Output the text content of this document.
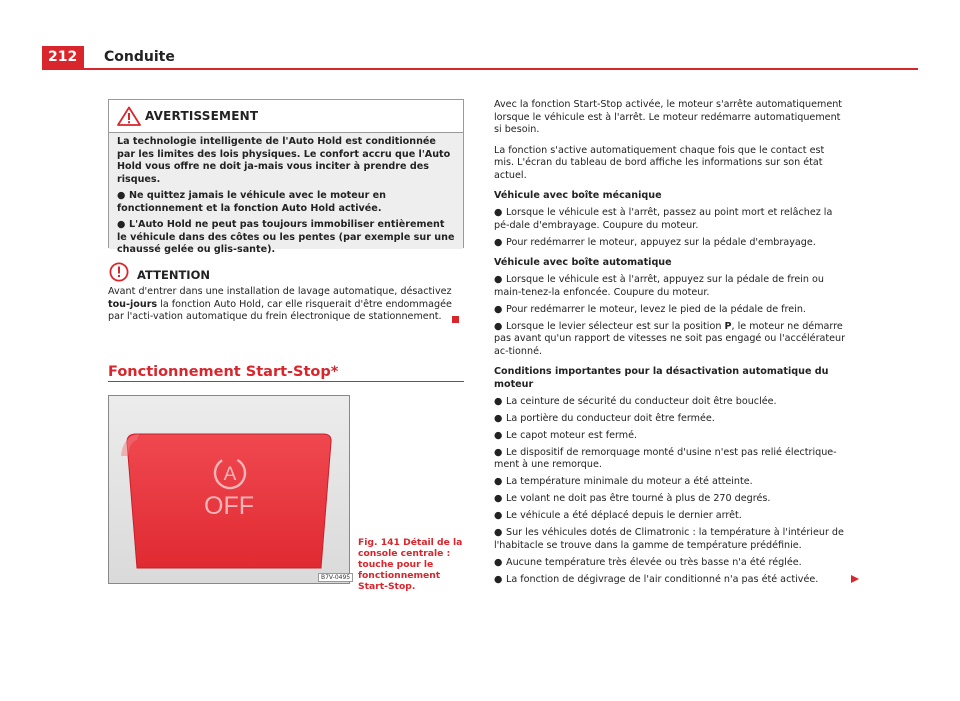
212	Conduite
AVERTISSEMENT

La technologie intelligente de l'Auto Hold est conditionnée par les limites des lois physiques. Le confort accru que l'Auto Hold vous offre ne doit ja-mais vous inciter à prendre des risques.

● Ne quittez jamais le véhicule avec le moteur en fonctionnement et la fonction Auto Hold activée.

● L'Auto Hold ne peut pas toujours immobiliser entièrement le véhicule dans des côtes ou les pentes (par exemple sur une chaussé gelée ou glis-sante).

ATTENTION

Avant d'entrer dans une installation de lavage automatique, désactivez tou-jours la fonction Auto Hold, car elle risquerait d'être endommagée par l'acti-vation automatique du frein électronique de stationnement.

Fonctionnement Start-Stop*
A
OFF
B7V-0495

Fig. 141 Détail de la console centrale : touche pour le fonctionnement Start-Stop.

Avec la fonction Start-Stop activée, le moteur s'arrête automatiquement lorsque le véhicule est à l'arrêt. Le moteur redémarre automatiquement si besoin.

La fonction s'active automatiquement chaque fois que le contact est mis. L'écran du tableau de bord affiche les informations sur son état actuel.

Véhicule avec boîte mécanique

● Lorsque le véhicule est à l'arrêt, passez au point mort et relâchez la pé-dale d'embrayage. Coupure du moteur.

● Pour redémarrer le moteur, appuyez sur la pédale d'embrayage.

Véhicule avec boîte automatique

● Lorsque le véhicule est à l'arrêt, appuyez sur la pédale de frein ou main-tenez-la enfoncée. Coupure du moteur.

● Pour redémarrer le moteur, levez le pied de la pédale de frein.

● Lorsque le levier sélecteur est sur la position P, le moteur ne démarre pas avant qu'un rapport de vitesses ne soit pas engagé ou l'accélérateur ac-tionné.

Conditions importantes pour la désactivation automatique du moteur

● La ceinture de sécurité du conducteur doit être bouclée.

● La portière du conducteur doit être fermée.

● Le capot moteur est fermé.

● Le dispositif de remorquage monté d'usine n'est pas relié électrique-ment à une remorque.

● La température minimale du moteur a été atteinte.

● Le volant ne doit pas être tourné à plus de 270 degrés.

● Le véhicule a été déplacé depuis le dernier arrêt.

● Sur les véhicules dotés de Climatronic : la température à l'intérieur de l'habitacle se trouve dans la gamme de température prédéfinie.

● Aucune température très élevée ou très basse n'a été réglée.

● La fonction de dégivrage de l'air conditionné n'a pas été activée.
